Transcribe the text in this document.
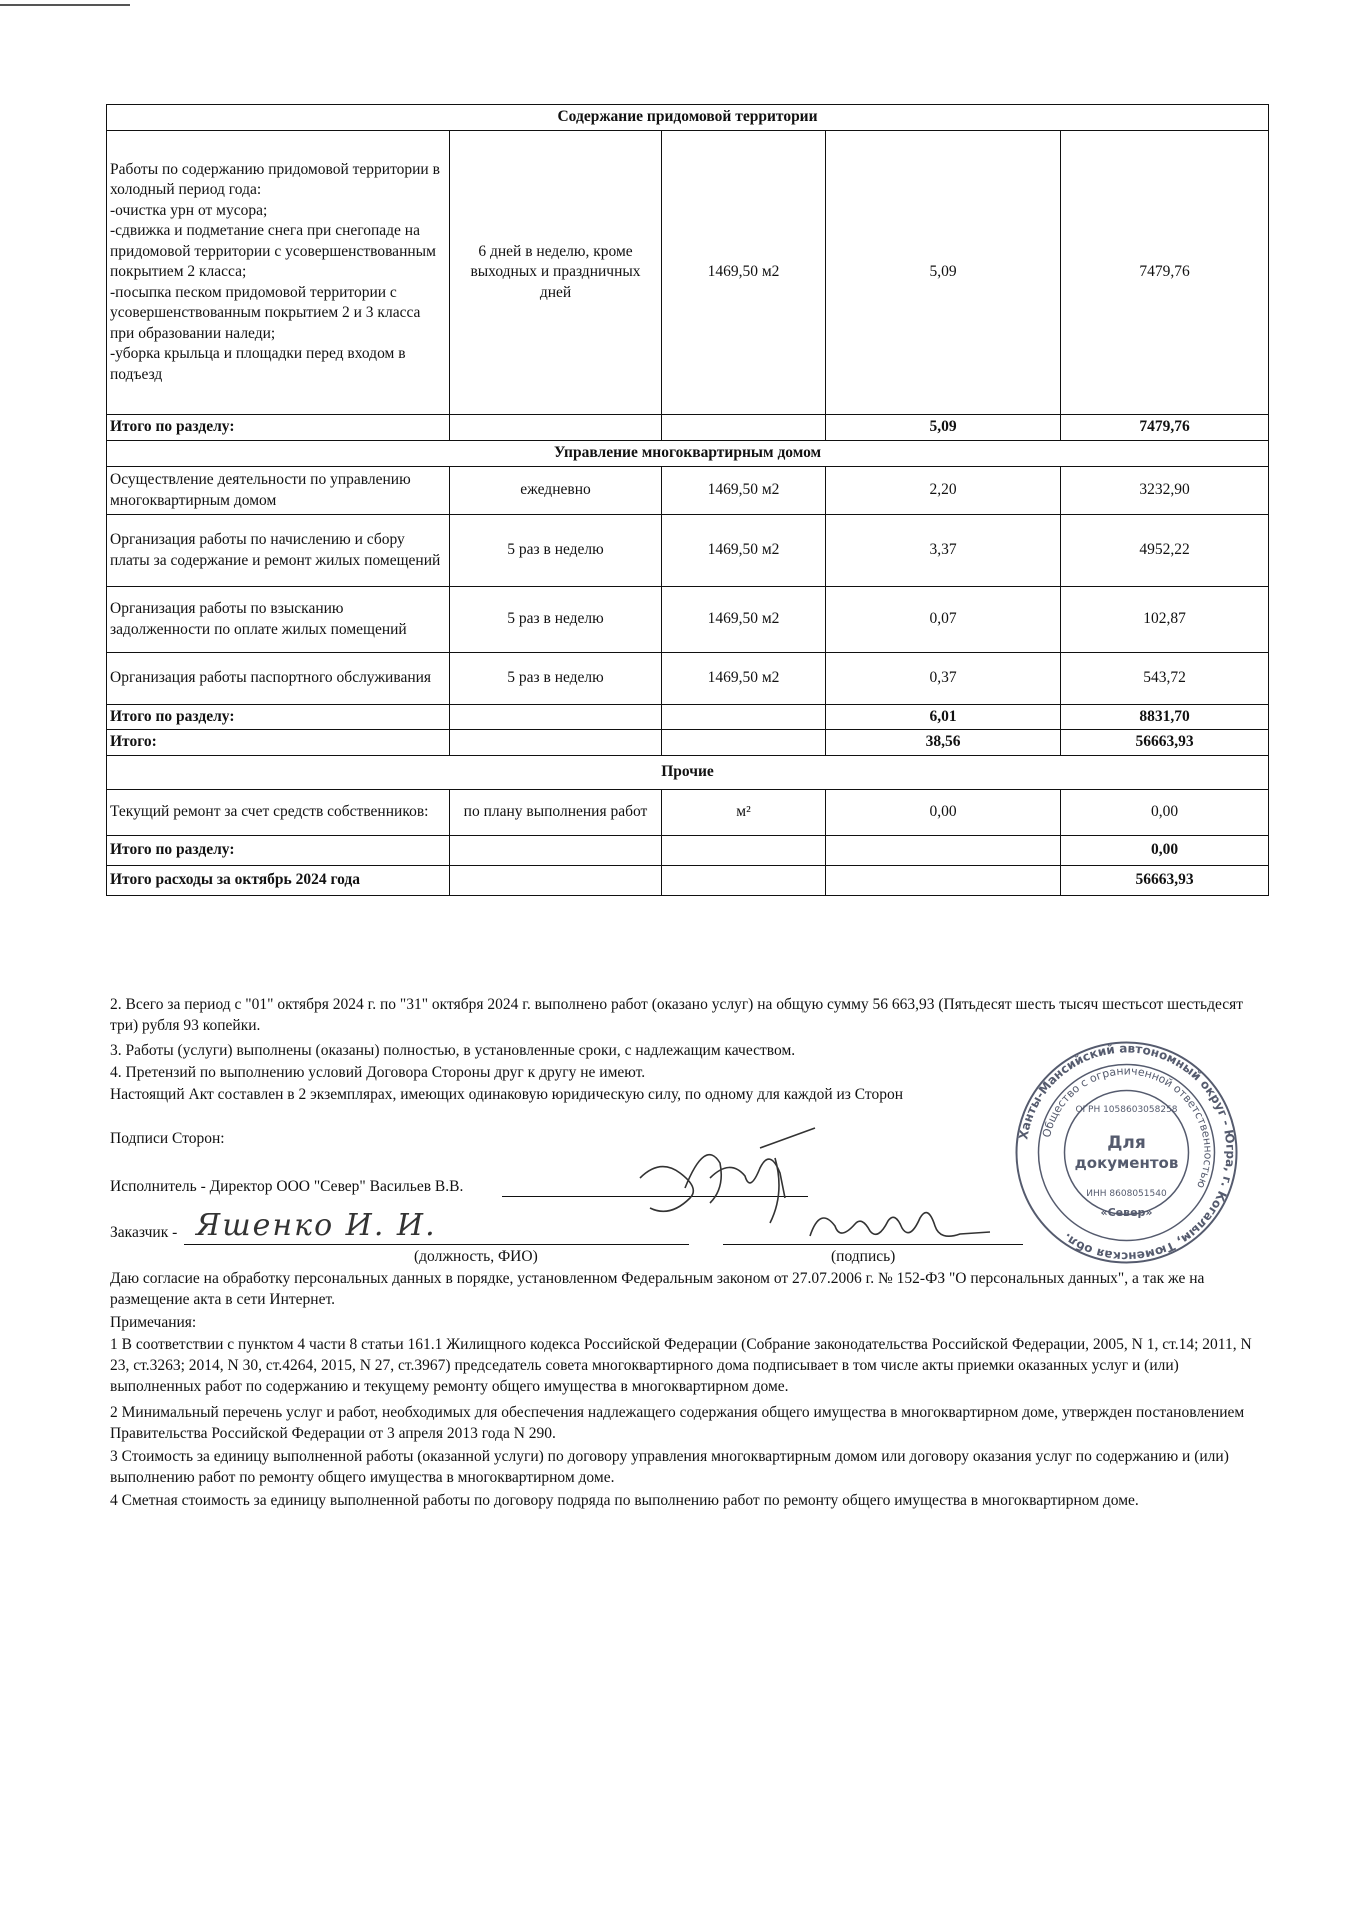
Содержание придомовой территории				
Работы по содержанию придомовой территории в холодный период года:
-очистка урн от мусора;
-сдвижка и подметание снега при снегопаде на придомовой территории с усовершенствованным покрытием 2 класса;
-посыпка песком придомовой территории с усовершенствованным покрытием 2 и 3 класса при образовании наледи;
-уборка крыльца и площадки перед входом в подъезд	6 дней в неделю, кроме выходных и праздничных дней	1469,50 м2	5,09	7479,76
Итого по разделу:			5,09	7479,76
Управление многоквартирным домом				
Осуществление деятельности по управлению многоквартирным домом	ежедневно	1469,50 м2	2,20	3232,90
Организация работы по начислению и сбору платы за содержание и ремонт жилых помещений	5 раз в неделю	1469,50 м2	3,37	4952,22
Организация работы по взысканию задолженности по оплате жилых помещений	5 раз в неделю	1469,50 м2	0,07	102,87
Организация работы паспортного обслуживания	5 раз в неделю	1469,50 м2	0,37	543,72
Итого по разделу:			6,01	8831,70
Итого:			38,56	56663,93
Прочие				
Текущий ремонт за счет средств собственников:	по плану выполнения работ	м²	0,00	0,00
Итого по разделу:				0,00
Итого расходы за октябрь 2024 года				56663,93
2. Всего за период с "01" октября 2024 г. по "31" октября 2024 г. выполнено работ (оказано услуг) на общую сумму 56 663,93 (Пятьдесят шесть тысяч шестьсот шестьдесят три) рубля 93 копейки.
3. Работы (услуги) выполнены (оказаны) полностью, в установленные сроки, с надлежащим качеством.
4. Претензий по выполнению условий Договора Стороны друг к другу не имеют.
Настоящий Акт составлен в 2 экземплярах, имеющих одинаковую юридическую силу, по одному для каждой из Сторон
Подписи Сторон:
Исполнитель - Директор ООО "Север" Васильев В.В.
Заказчик - Яшенко И. И.
(должность, ФИО)	(подпись)
Ханты-Мансийский автономный округ - Югра, г. Когалым, Тюменская обл.
Общество с ограниченной ответственностью
Для
документов
ОГРН 1058603058258
ИНН 8608051540
«Север»
Даю согласие на обработку персональных данных в порядке, установленном Федеральным законом от 27.07.2006 г. № 152-ФЗ "О персональных данных", а так же на размещение акта в сети Интернет.
Примечания:
1 В соответствии с пунктом 4 части 8 статьи 161.1 Жилищного кодекса Российской Федерации (Собрание законодательства Российской Федерации, 2005, N 1, ст.14; 2011, N 23, ст.3263; 2014, N 30, ст.4264, 2015, N 27, ст.3967) председатель совета многоквартирного дома подписывает в том числе акты приемки оказанных услуг и (или) выполненных работ по содержанию и текущему ремонту общего имущества в многоквартирном доме.
2 Минимальный перечень услуг и работ, необходимых для обеспечения надлежащего содержания общего имущества в многоквартирном доме, утвержден постановлением Правительства Российской Федерации от 3 апреля 2013 года N 290.
3 Стоимость за единицу выполненной работы (оказанной услуги) по договору управления многоквартирным домом или договору оказания услуг по содержанию и (или) выполнению работ по ремонту общего имущества в многоквартирном доме.
4 Сметная стоимость за единицу выполненной работы по договору подряда по выполнению работ по ремонту общего имущества в многоквартирном доме.
